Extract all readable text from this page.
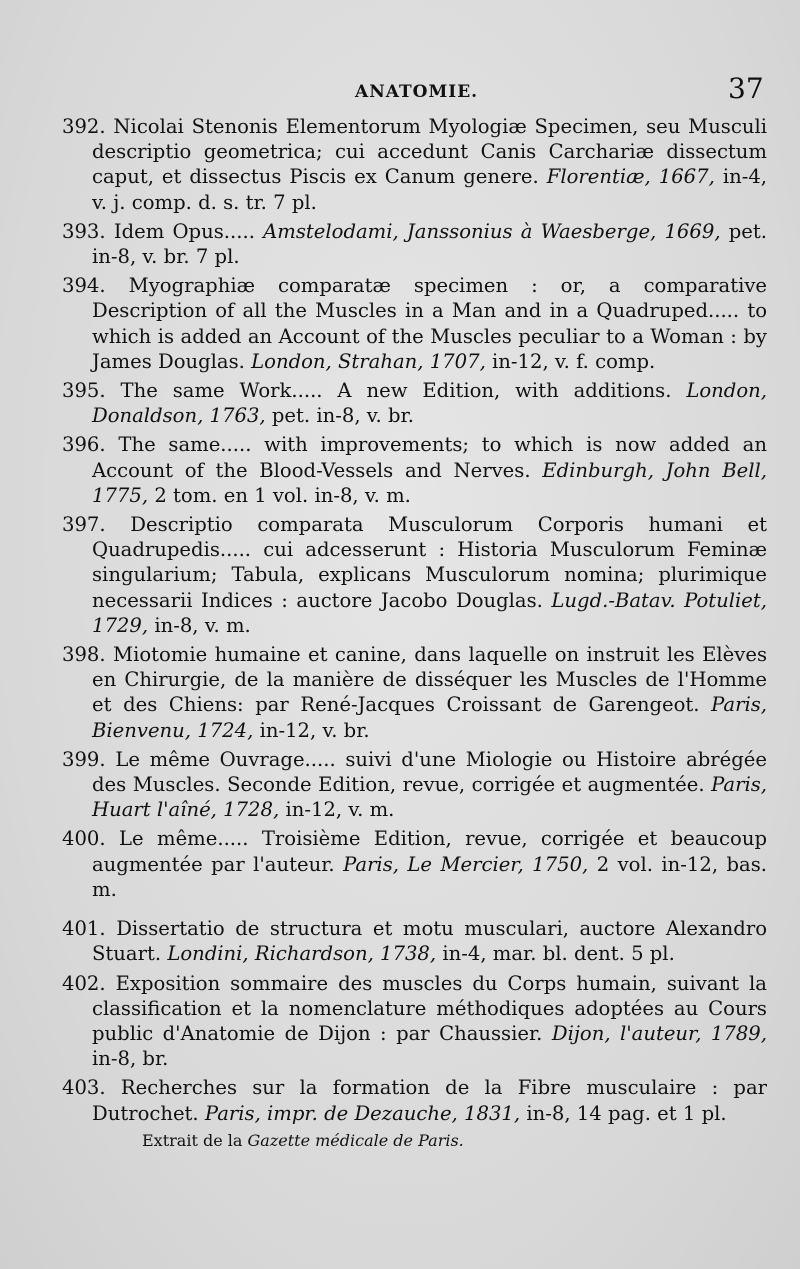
ANATOMIE.	37
392. Nicolai Stenonis Elementorum Myologiæ Specimen, seu Musculi descriptio geometrica; cui accedunt Canis Carchariæ dissectum caput, et dissectus Piscis ex Canum genere. Florentiæ, 1667, in-4, v. j. comp. d. s. tr. 7 pl.
393. Idem Opus..... Amstelodami, Janssonius à Waesberge, 1669, pet. in-8, v. br. 7 pl.
394. Myographiæ comparatæ specimen : or, a comparative Description of all the Muscles in a Man and in a Quadruped..... to which is added an Account of the Muscles peculiar to a Woman : by James Douglas. London, Strahan, 1707, in-12, v. f. comp.
395. The same Work..... A new Edition, with additions. London, Donaldson, 1763, pet. in-8, v. br.
396. The same..... with improvements; to which is now added an Account of the Blood-Vessels and Nerves. Edinburgh, John Bell, 1775, 2 tom. en 1 vol. in-8, v. m.
397. Descriptio comparata Musculorum Corporis humani et Quadrupedis..... cui adcesserunt : Historia Musculorum Feminæ singularium; Tabula, explicans Musculorum nomina; plurimique necessarii Indices : auctore Jacobo Douglas. Lugd.-Batav. Potuliet, 1729, in-8, v. m.
398. Miotomie humaine et canine, dans laquelle on instruit les Elèves en Chirurgie, de la manière de disséquer les Muscles de l'Homme et des Chiens: par René-Jacques Croissant de Garengeot. Paris, Bienvenu, 1724, in-12, v. br.
399. Le même Ouvrage..... suivi d'une Miologie ou Histoire abrégée des Muscles. Seconde Edition, revue, corrigée et augmentée. Paris, Huart l'aîné, 1728, in-12, v. m.
400. Le même..... Troisième Edition, revue, corrigée et beaucoup augmentée par l'auteur. Paris, Le Mercier, 1750, 2 vol. in-12, bas. m.
401. Dissertatio de structura et motu musculari, auctore Alexandro Stuart. Londini, Richardson, 1738, in-4, mar. bl. dent. 5 pl.
402. Exposition sommaire des muscles du Corps humain, suivant la classification et la nomenclature méthodiques adoptées au Cours public d'Anatomie de Dijon : par Chaussier. Dijon, l'auteur, 1789, in-8, br.
403. Recherches sur la formation de la Fibre musculaire : par Dutrochet. Paris, impr. de Dezauche, 1831, in-8, 14 pag. et 1 pl.
Extrait de la Gazette médicale de Paris.
